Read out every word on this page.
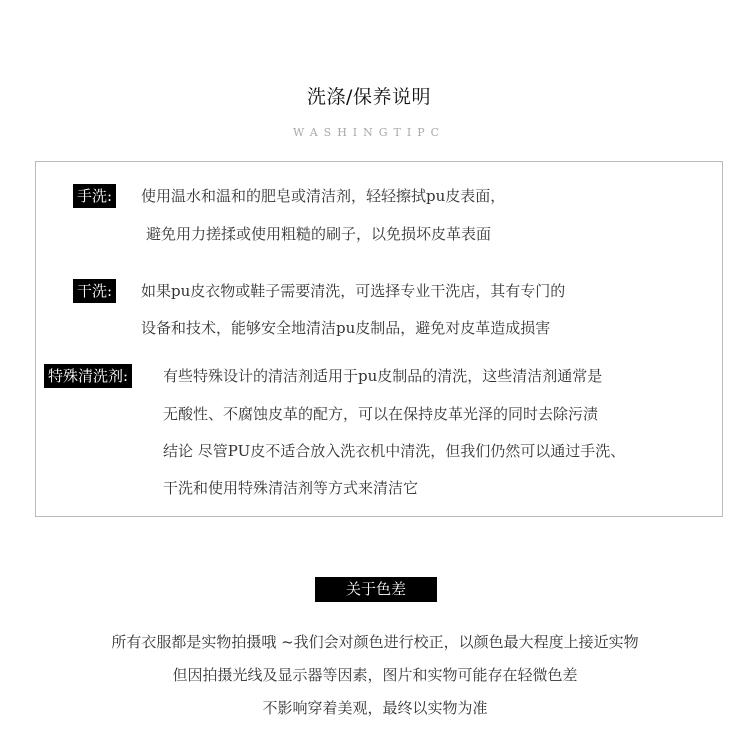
洗涤/保养说明
WASHINGTIPC
手洗: 使用温水和温和的肥皂或清洁剂，轻轻擦拭pu皮表面，
避免用力搓揉或使用粗糙的刷子，以免损坏皮革表面
干洗: 如果pu皮衣物或鞋子需要清洗，可选择专业干洗店，其有专门的
设备和技术，能够安全地清洁pu皮制品，避免对皮革造成损害
特殊清洗剂: 有些特殊设计的清洁剂适用于pu皮制品的清洗，这些清洁剂通常是
无酸性、不腐蚀皮革的配方，可以在保持皮革光泽的同时去除污渍
结论 尽管PU皮不适合放入洗衣机中清洗，但我们仍然可以通过手洗、
干洗和使用特殊清洁剂等方式来清洁它
关于色差
所有衣服都是实物拍摄哦 ~我们会对颜色进行校正，以颜色最大程度上接近实物
但因拍摄光线及显示器等因素，图片和实物可能存在轻微色差
不影响穿着美观，最终以实物为准
